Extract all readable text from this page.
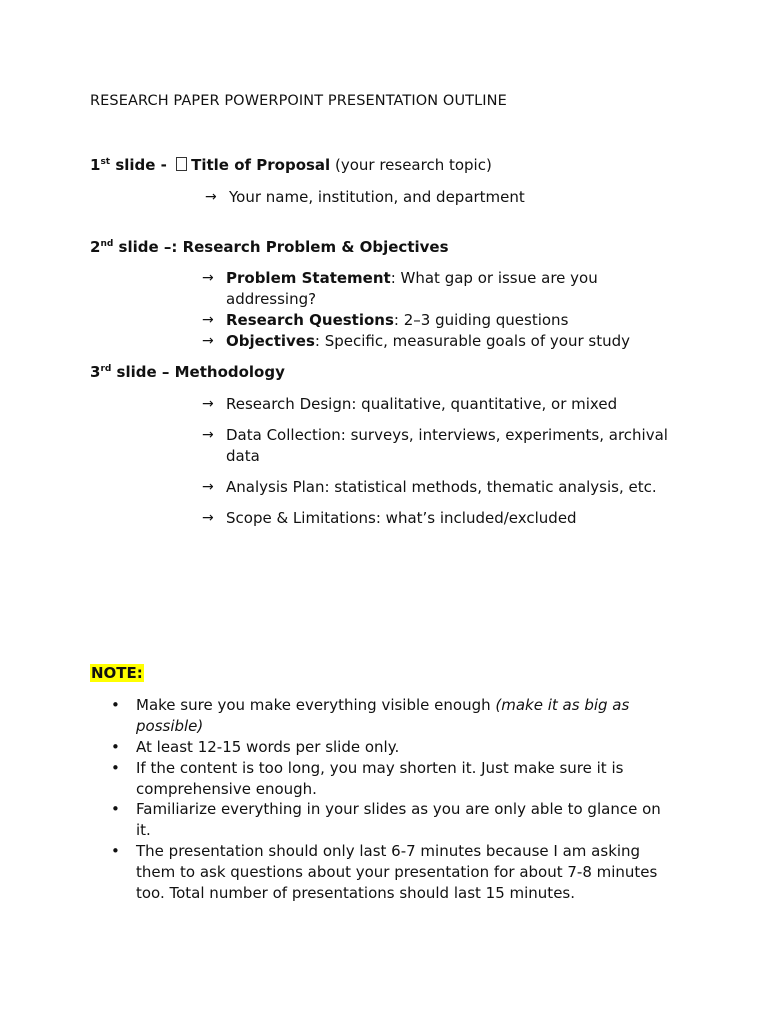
RESEARCH PAPER POWERPOINT PRESENTATION OUTLINE
1st slide - Title of Proposal (your research topic)
→ Your name, institution, and department
2nd slide –: Research Problem & Objectives
→ Problem Statement: What gap or issue are you addressing?
→ Research Questions: 2–3 guiding questions
→ Objectives: Specific, measurable goals of your study
3rd slide – Methodology
→ Research Design: qualitative, quantitative, or mixed
→ Data Collection: surveys, interviews, experiments, archival data
→ Analysis Plan: statistical methods, thematic analysis, etc.
→ Scope & Limitations: what’s included/excluded
NOTE:
• Make sure you make everything visible enough (make it as big as possible)
• At least 12-15 words per slide only.
• If the content is too long, you may shorten it. Just make sure it is comprehensive enough.
• Familiarize everything in your slides as you are only able to glance on it.
• The presentation should only last 6-7 minutes because I am asking them to ask questions about your presentation for about 7-8 minutes too. Total number of presentations should last 15 minutes.
